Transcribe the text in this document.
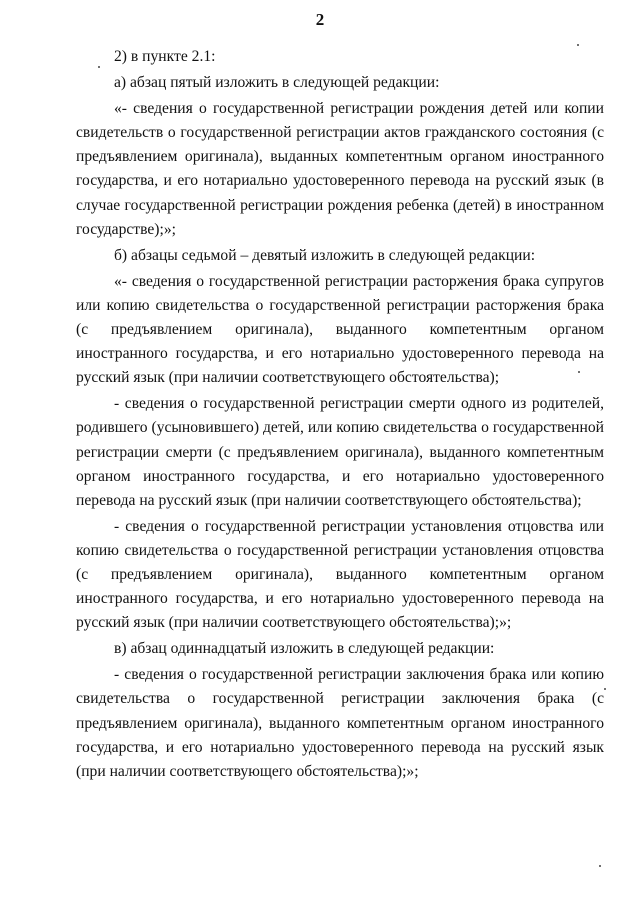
2

2) в пункте 2.1:

а) абзац пятый изложить в следующей редакции:

«- сведения о государственной регистрации рождения детей или копии свидетельств о государственной регистрации актов гражданского состояния (с предъявлением оригинала), выданных компетентным органом иностранного государства, и его нотариально удостоверенного перевода на русский язык (в случае государственной регистрации рождения ребенка (детей) в иностранном государстве);»;

б) абзацы седьмой – девятый изложить в следующей редакции:

«- сведения о государственной регистрации расторжения брака супругов или копию свидетельства о государственной регистрации расторжения брака (с предъявлением оригинала), выданного компетентным органом иностранного государства, и его нотариально удостоверенного перевода на русский язык (при наличии соответствующего обстоятельства);

- сведения о государственной регистрации смерти одного из родителей, родившего (усыновившего) детей, или копию свидетельства о государственной регистрации смерти (с предъявлением оригинала), выданного компетентным органом иностранного государства, и его нотариально удостоверенного перевода на русский язык (при наличии соответствующего обстоятельства);

- сведения о государственной регистрации установления отцовства или копию свидетельства о государственной регистрации установления отцовства (с предъявлением оригинала), выданного компетентным органом иностранного государства, и его нотариально удостоверенного перевода на русский язык (при наличии соответствующего обстоятельства);»;

в) абзац одиннадцатый изложить в следующей редакции:

- сведения о государственной регистрации заключения брака или копию свидетельства о государственной регистрации заключения брака (с предъявлением оригинала), выданного компетентным органом иностранного государства, и его нотариально удостоверенного перевода на русский язык (при наличии соответствующего обстоятельства);»;
